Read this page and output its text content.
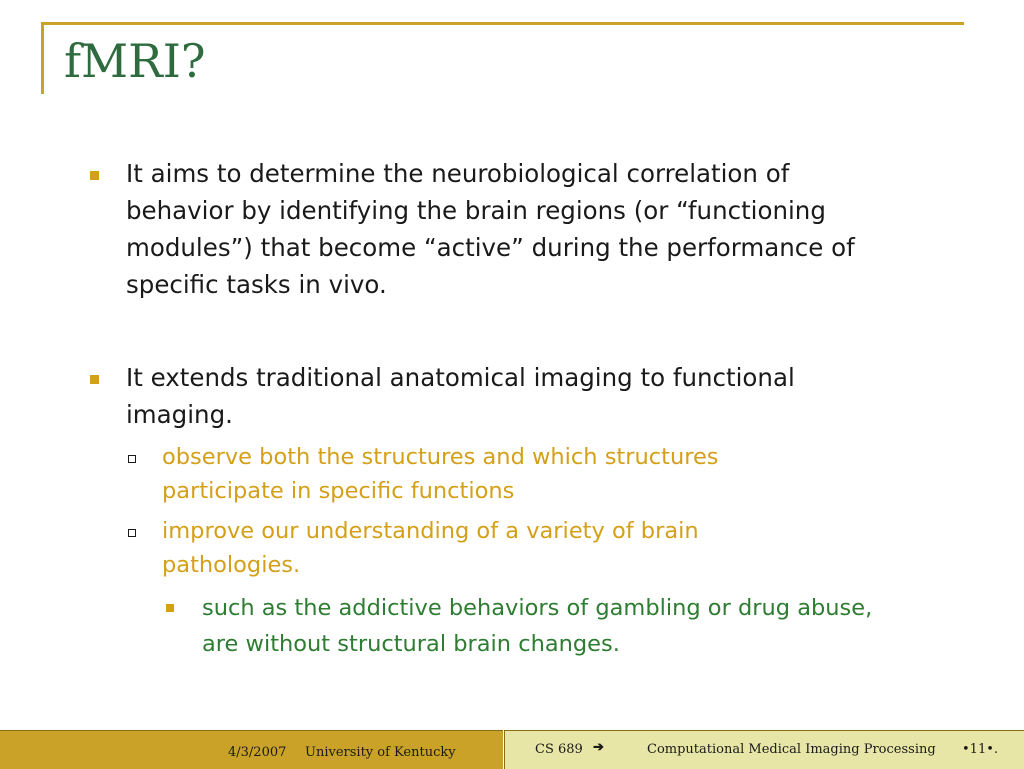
fMRI?
It aims to determine the neurobiological correlation of behavior by identifying the brain regions (or “functioning modules”) that become “active” during the performance of specific tasks in vivo.
It extends traditional anatomical imaging to functional imaging.
observe both the structures and which structures participate in specific functions
improve our understanding of a variety of brain pathologies.
such as the addictive behaviors of gambling or drug abuse, are without structural brain changes.
4/3/2007 University of Kentucky	CS 689 ➔	Computational Medical Imaging Processing •11•.
